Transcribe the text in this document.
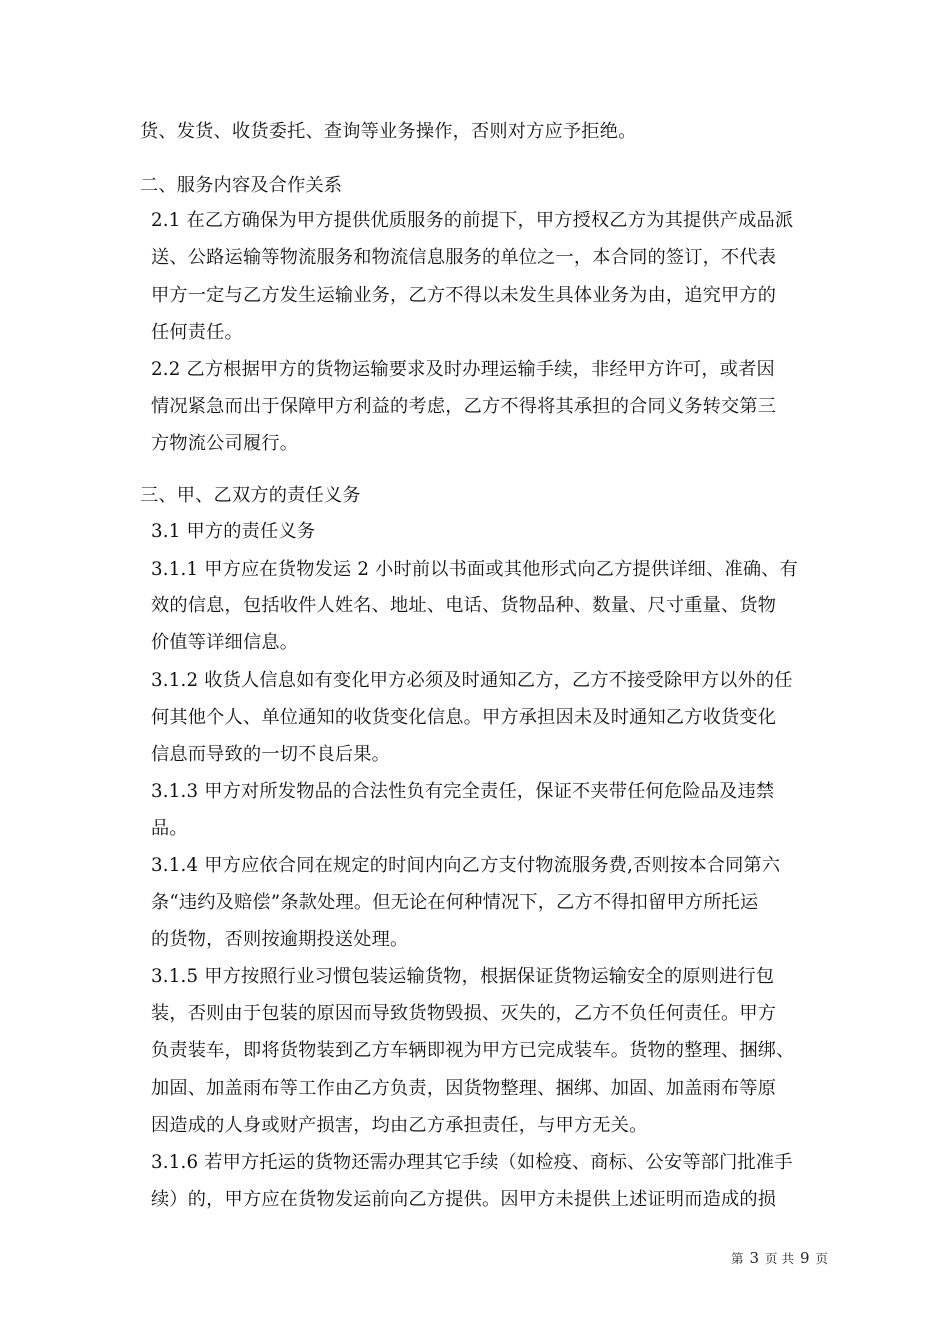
货、发货、收货委托、查询等业务操作，否则对方应予拒绝。
二、服务内容及合作关系
2.1 在乙方确保为甲方提供优质服务的前提下，甲方授权乙方为其提供产成品派
送、公路运输等物流服务和物流信息服务的单位之一，本合同的签订，不代表
甲方一定与乙方发生运输业务，乙方不得以未发生具体业务为由，追究甲方的
任何责任。
2.2 乙方根据甲方的货物运输要求及时办理运输手续，非经甲方许可，或者因
情况紧急而出于保障甲方利益的考虑，乙方不得将其承担的合同义务转交第三
方物流公司履行。
三、甲、乙双方的责任义务
3.1 甲方的责任义务
3.1.1 甲方应在货物发运 2 小时前以书面或其他形式向乙方提供详细、准确、有
效的信息，包括收件人姓名、地址、电话、货物品种、数量、尺寸重量、货物
价值等详细信息。
3.1.2 收货人信息如有变化甲方必须及时通知乙方，乙方不接受除甲方以外的任
何其他个人、单位通知的收货变化信息。甲方承担因未及时通知乙方收货变化
信息而导致的一切不良后果。
3.1.3 甲方对所发物品的合法性负有完全责任，保证不夹带任何危险品及违禁
品。
3.1.4 甲方应依合同在规定的时间内向乙方支付物流服务费,否则按本合同第六
条“违约及赔偿”条款处理。但无论在何种情况下，乙方不得扣留甲方所托运
的货物，否则按逾期投送处理。
3.1.5 甲方按照行业习惯包装运输货物，根据保证货物运输安全的原则进行包
装，否则由于包装的原因而导致货物毁损、灭失的，乙方不负任何责任。甲方
负责装车，即将货物装到乙方车辆即视为甲方已完成装车。货物的整理、捆绑、
加固、加盖雨布等工作由乙方负责，因货物整理、捆绑、加固、加盖雨布等原
因造成的人身或财产损害，均由乙方承担责任，与甲方无关。
3.1.6 若甲方托运的货物还需办理其它手续（如检疫、商标、公安等部门批准手
续）的，甲方应在货物发运前向乙方提供。因甲方未提供上述证明而造成的损
第 3 页 共 9 页
